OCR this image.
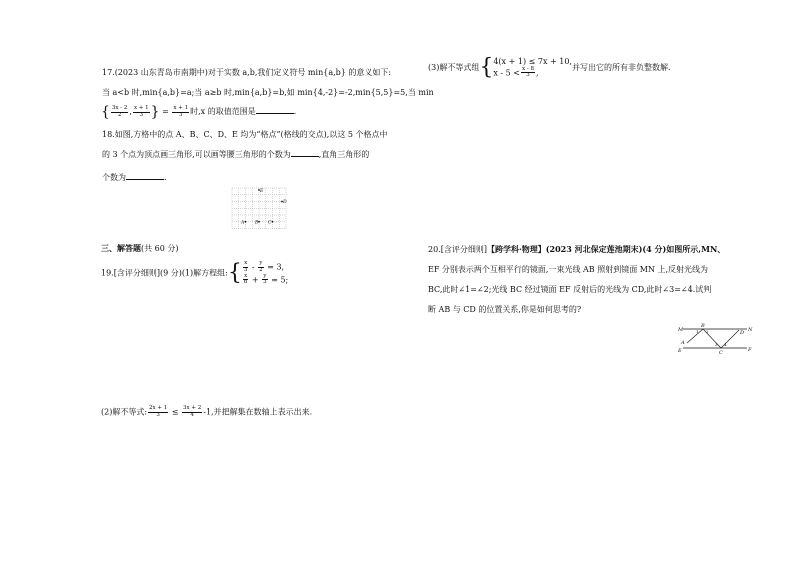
17.(2023 山东青岛市南期中)对于实数 a,b,我们定义符号 min{a,b} 的意义如下:
当 a<b 时,min{a,b}=a;当 a≥b 时,min{a,b}=b,如 min{4,-2}=-2,min{5,5}=5,当 min
{ $\frac{3x - 2}{2}$ , $\frac{x + 1}{3}$ } = $\frac{x + 1}{3}$ 时,x 的取值范围是	.
18.如图,方格中的点 A、B、C、D、E 均为“格点”(格线的交点),以这 5 个格点中
的 3 个点为顶点画三角形,可以画等腰三角形的个数为	,直角三角形的
个数为	.
E
D
A B C
三、解答题(共 60 分)
19.[含评分细则](9 分)(1)解方程组:{ $\frac{x}{3} - \frac{y}{2} = 3$,
$\frac{x}{6} + \frac{y}{3} = 5$;
(2)解不等式: $\frac{2x + 1}{3} \le \frac{3x + 2}{4} -1$,并把解集在数轴上表示出来.
(3)解不等式组{ 4(x + 1) ≤ 7x + 10,
$x - 5 < \frac{x - 8}{3}$ ,
并写出它的所有非负整数解.
20.[含评分细则]【跨学科·物理】(2023 河北保定莲池期末)(4 分)如图所示,MN、
EF 分别表示两个互相平行的镜面,一束光线 AB 照射到镜面 MN 上,反射光线为
BC,此时∠1=∠2;光线 BC 经过镜面 EF 反射后的光线为 CD,此时∠3=∠4.试判
断 AB 与 CD 的位置关系,你是如何思考的?
M
B
N
A
D
E	C	F
1 2
3 4
